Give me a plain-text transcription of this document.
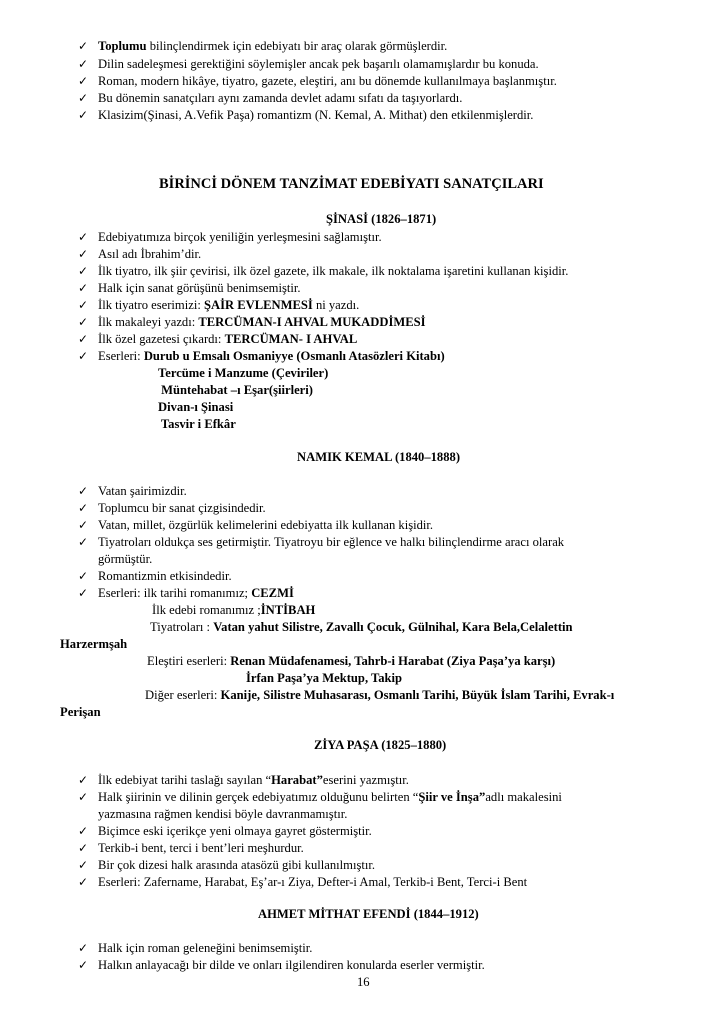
✓ Toplumu bilinçlendirmek için edebiyatı bir araç olarak görmüşlerdir.
✓ Dilin sadeleşmesi gerektiğini söylemişler ancak pek başarılı olamamışlardır bu konuda.
✓ Roman, modern hikâye, tiyatro, gazete, eleştiri, anı bu dönemde kullanılmaya başlanmıştır.
✓ Bu dönemin sanatçıları aynı zamanda devlet adamı sıfatı da taşıyorlardı.
✓ Klasizim(Şinasi, A.Vefik Paşa) romantizm (N. Kemal, A. Mithat) den etkilenmişlerdir.
BİRİNCİ DÖNEM TANZİMAT EDEBİYATI SANATÇILARI
ŞİNASİ (1826–1871)
✓ Edebiyatımıza birçok yeniliğin yerleşmesini sağlamıştır.
✓ Asıl adı İbrahim’dir.
✓ İlk tiyatro, ilk şiir çevirisi, ilk özel gazete, ilk makale, ilk noktalama işaretini kullanan kişidir.
✓ Halk için sanat görüşünü benimsemiştir.
✓ İlk tiyatro eserimizi: ŞAİR EVLENMESİ ni yazdı.
✓ İlk makaleyi yazdı: TERCÜMAN-I AHVAL MUKADDİMESİ
✓ İlk özel gazetesi çıkardı: TERCÜMAN- I AHVAL
✓ Eserleri: Durub u Emsalı Osmaniyye (Osmanlı Atasözleri Kitabı)
Tercüme i Manzume (Çeviriler)
Müntehabat –ı Eşar(şiirleri)
Divan-ı Şinasi
Tasvir i Efkâr
NAMIK KEMAL (1840–1888)
✓ Vatan şairimizdir.
✓ Toplumcu bir sanat çizgisindedir.
✓ Vatan, millet, özgürlük kelimelerini edebiyatta ilk kullanan kişidir.
✓ Tiyatroları oldukça ses getirmiştir. Tiyatroyu bir eğlence ve halkı bilinçlendirme aracı olarak
görmüştür.
✓ Romantizmin etkisindedir.
✓ Eserleri: ilk tarihi romanımız; CEZMİ
İlk edebi romanımız ;İNTİBAH
Tiyatroları : Vatan yahut Silistre, Zavallı Çocuk, Gülnihal, Kara Bela,Celalettin
Harzermşah
Eleştiri eserleri: Renan Müdafenamesi, Tahrb-i Harabat (Ziya Paşa’ya karşı)
İrfan Paşa’ya Mektup, Takip
Diğer eserleri: Kanije, Silistre Muhasarası, Osmanlı Tarihi, Büyük İslam Tarihi, Evrak-ı
Perişan
ZİYA PAŞA (1825–1880)
✓ İlk edebiyat tarihi taslağı sayılan “Harabat”eserini yazmıştır.
✓ Halk şiirinin ve dilinin gerçek edebiyatımız olduğunu belirten “Şiir ve İnşa”adlı makalesini
yazmasına rağmen kendisi böyle davranmamıştır.
✓ Biçimce eski içerikçe yeni olmaya gayret göstermiştir.
✓ Terkib-i bent, terci i bent’leri meşhurdur.
✓ Bir çok dizesi halk arasında atasözü gibi kullanılmıştır.
✓ Eserleri: Zafername, Harabat, Eş’ar-ı Ziya, Defter-i Amal, Terkib-i Bent, Terci-i Bent
AHMET MİTHAT EFENDİ (1844–1912)
✓ Halk için roman geleneğini benimsemiştir.
✓ Halkın anlayacağı bir dilde ve onları ilgilendiren konularda eserler vermiştir.
16
